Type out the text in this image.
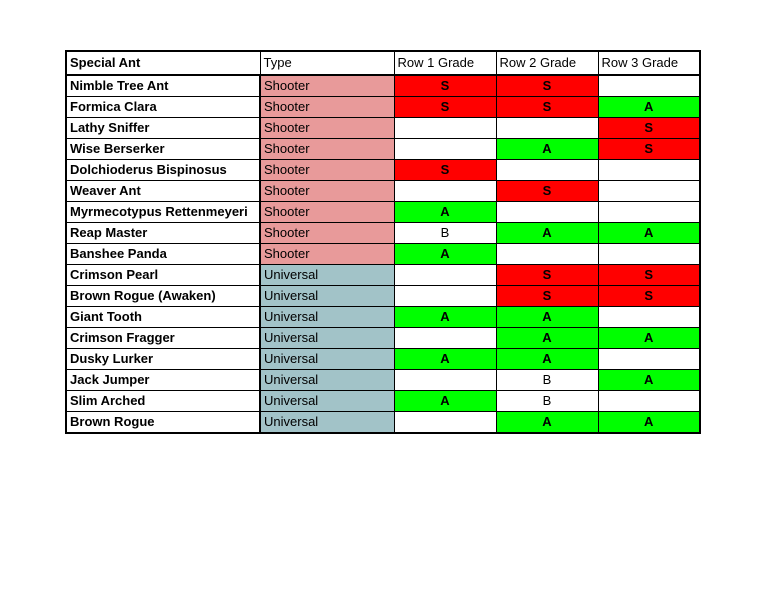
Special Ant	Type	Row 1 Grade	Row 2 Grade	Row 3 Grade
Nimble Tree Ant	Shooter	S	S	
Formica Clara	Shooter	S	S	A
Lathy Sniffer	Shooter			S
Wise Berserker	Shooter		A	S
Dolchioderus Bispinosus	Shooter	S		
Weaver Ant	Shooter		S	
Myrmecotypus Rettenmeyeri	Shooter	A		
Reap Master	Shooter	B	A	A
Banshee Panda	Shooter	A		
Crimson Pearl	Universal		S	S
Brown Rogue (Awaken)	Universal		S	S
Giant Tooth	Universal	A	A	
Crimson Fragger	Universal		A	A
Dusky Lurker	Universal	A	A	
Jack Jumper	Universal		B	A
Slim Arched	Universal	A	B	
Brown Rogue	Universal		A	A
